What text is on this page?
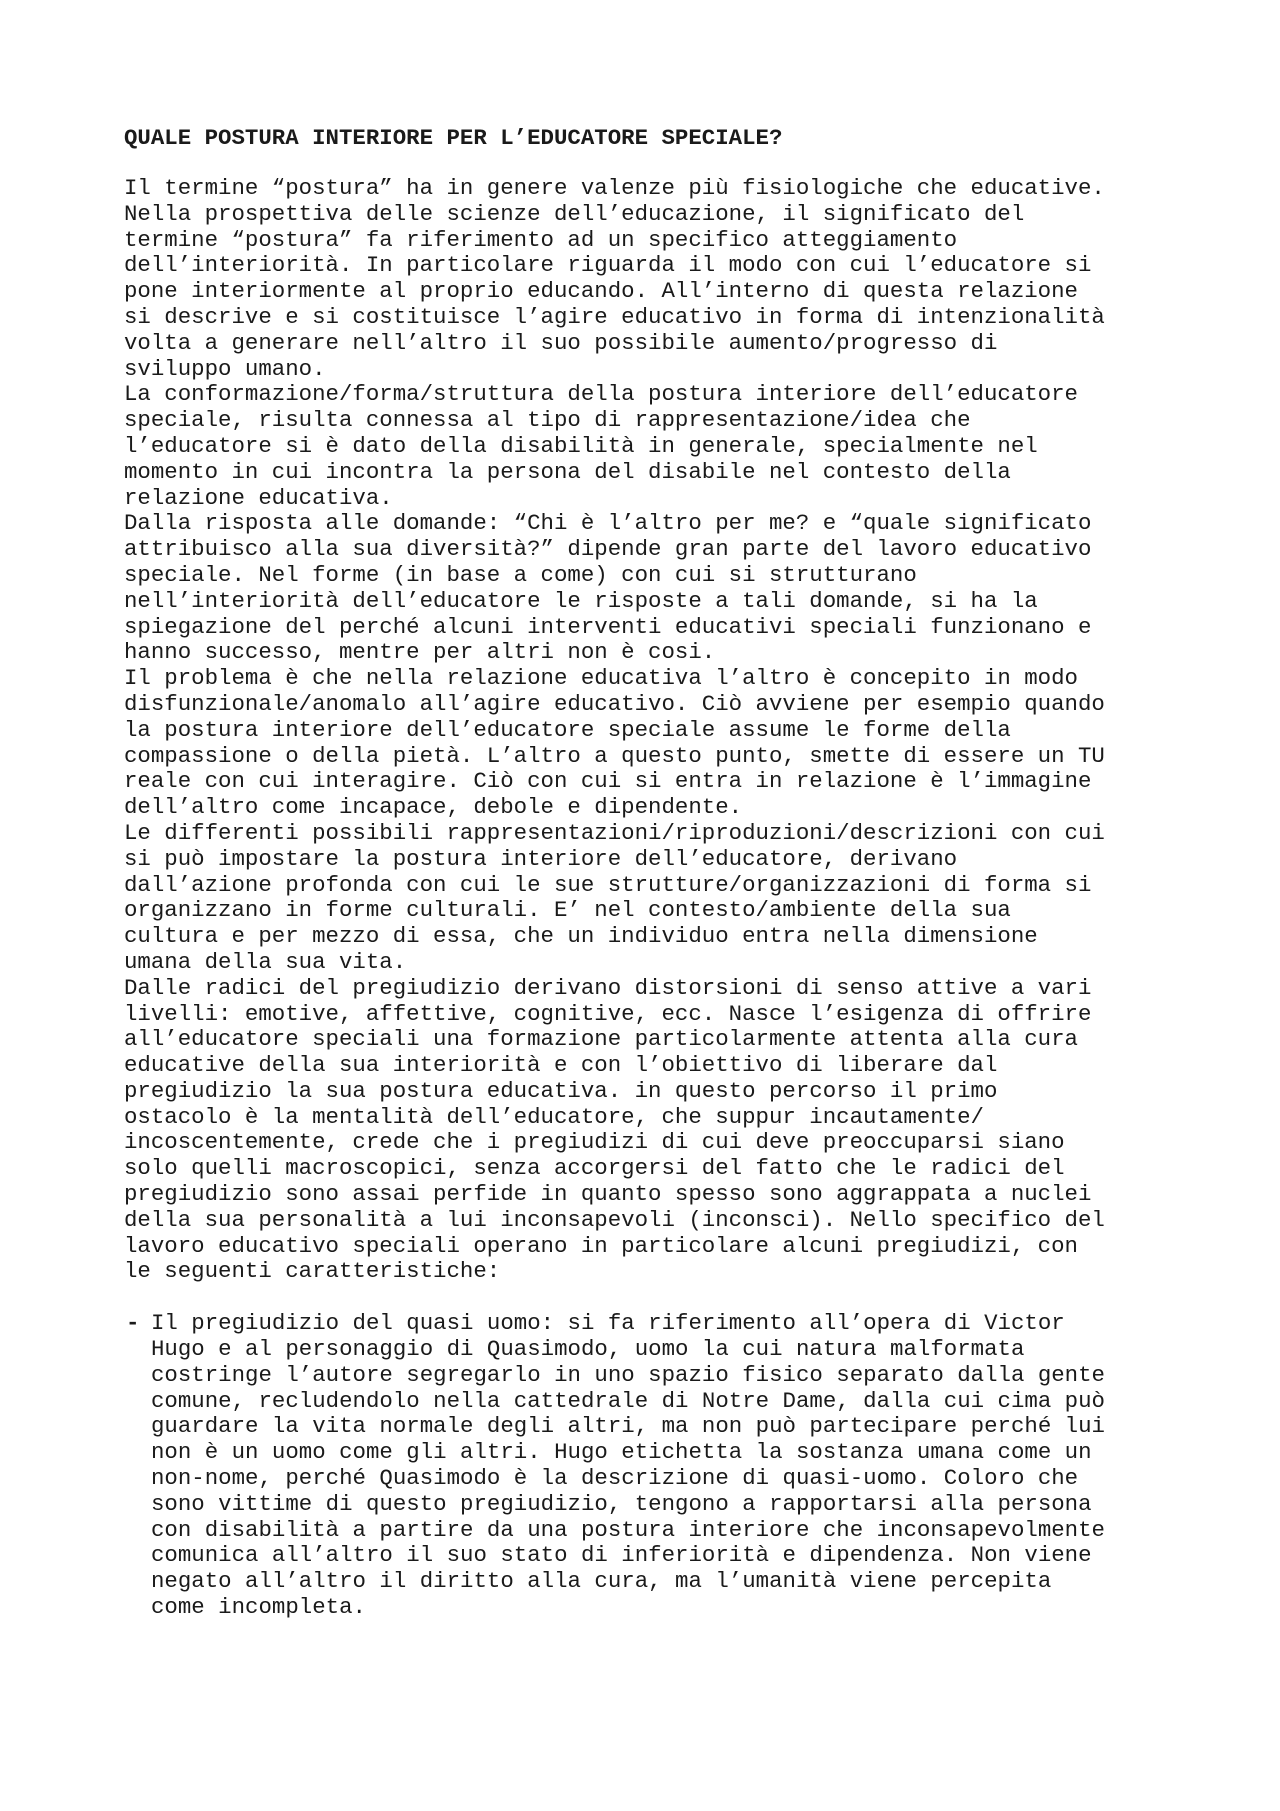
QUALE POSTURA INTERIORE PER L’EDUCATORE SPECIALE?
Il termine “postura” ha in genere valenze più fisiologiche che educative.
Nella prospettiva delle scienze dell’educazione, il significato del
termine “postura” fa riferimento ad un specifico atteggiamento
dell’interiorità. In particolare riguarda il modo con cui l’educatore si
pone interiormente al proprio educando. All’interno di questa relazione
si descrive e si costituisce l’agire educativo in forma di intenzionalità
volta a generare nell’altro il suo possibile aumento/progresso di
sviluppo umano.
La conformazione/forma/struttura della postura interiore dell’educatore
speciale, risulta connessa al tipo di rappresentazione/idea che
l’educatore si è dato della disabilità in generale, specialmente nel
momento in cui incontra la persona del disabile nel contesto della
relazione educativa.
Dalla risposta alle domande: “Chi è l’altro per me? e “quale significato
attribuisco alla sua diversità?” dipende gran parte del lavoro educativo
speciale. Nel forme (in base a come) con cui si strutturano
nell’interiorità dell’educatore le risposte a tali domande, si ha la
spiegazione del perché alcuni interventi educativi speciali funzionano e
hanno successo, mentre per altri non è cosi.
Il problema è che nella relazione educativa l’altro è concepito in modo
disfunzionale/anomalo all’agire educativo. Ciò avviene per esempio quando
la postura interiore dell’educatore speciale assume le forme della
compassione o della pietà. L’altro a questo punto, smette di essere un TU
reale con cui interagire. Ciò con cui si entra in relazione è l’immagine
dell’altro come incapace, debole e dipendente.
Le differenti possibili rappresentazioni/riproduzioni/descrizioni con cui
si può impostare la postura interiore dell’educatore, derivano
dall’azione profonda con cui le sue strutture/organizzazioni di forma si
organizzano in forme culturali. E’ nel contesto/ambiente della sua
cultura e per mezzo di essa, che un individuo entra nella dimensione
umana della sua vita.
Dalle radici del pregiudizio derivano distorsioni di senso attive a vari
livelli: emotive, affettive, cognitive, ecc. Nasce l’esigenza di offrire
all’educatore speciali una formazione particolarmente attenta alla cura
educative della sua interiorità e con l’obiettivo di liberare dal
pregiudizio la sua postura educativa. in questo percorso il primo
ostacolo è la mentalità dell’educatore, che suppur incautamente/
incoscentemente, crede che i pregiudizi di cui deve preoccuparsi siano
solo quelli macroscopici, senza accorgersi del fatto che le radici del
pregiudizio sono assai perfide in quanto spesso sono aggrappata a nuclei
della sua personalità a lui inconsapevoli (inconsci). Nello specifico del
lavoro educativo speciali operano in particolare alcuni pregiudizi, con
le seguenti caratteristiche:
- Il pregiudizio del quasi uomo: si fa riferimento all’opera di Victor
Hugo e al personaggio di Quasimodo, uomo la cui natura malformata
costringe l’autore segregarlo in uno spazio fisico separato dalla gente
comune, recludendolo nella cattedrale di Notre Dame, dalla cui cima può
guardare la vita normale degli altri, ma non può partecipare perché lui
non è un uomo come gli altri. Hugo etichetta la sostanza umana come un
non-nome, perché Quasimodo è la descrizione di quasi-uomo. Coloro che
sono vittime di questo pregiudizio, tengono a rapportarsi alla persona
con disabilità a partire da una postura interiore che inconsapevolmente
comunica all’altro il suo stato di inferiorità e dipendenza. Non viene
negato all’altro il diritto alla cura, ma l’umanità viene percepita
come incompleta.
